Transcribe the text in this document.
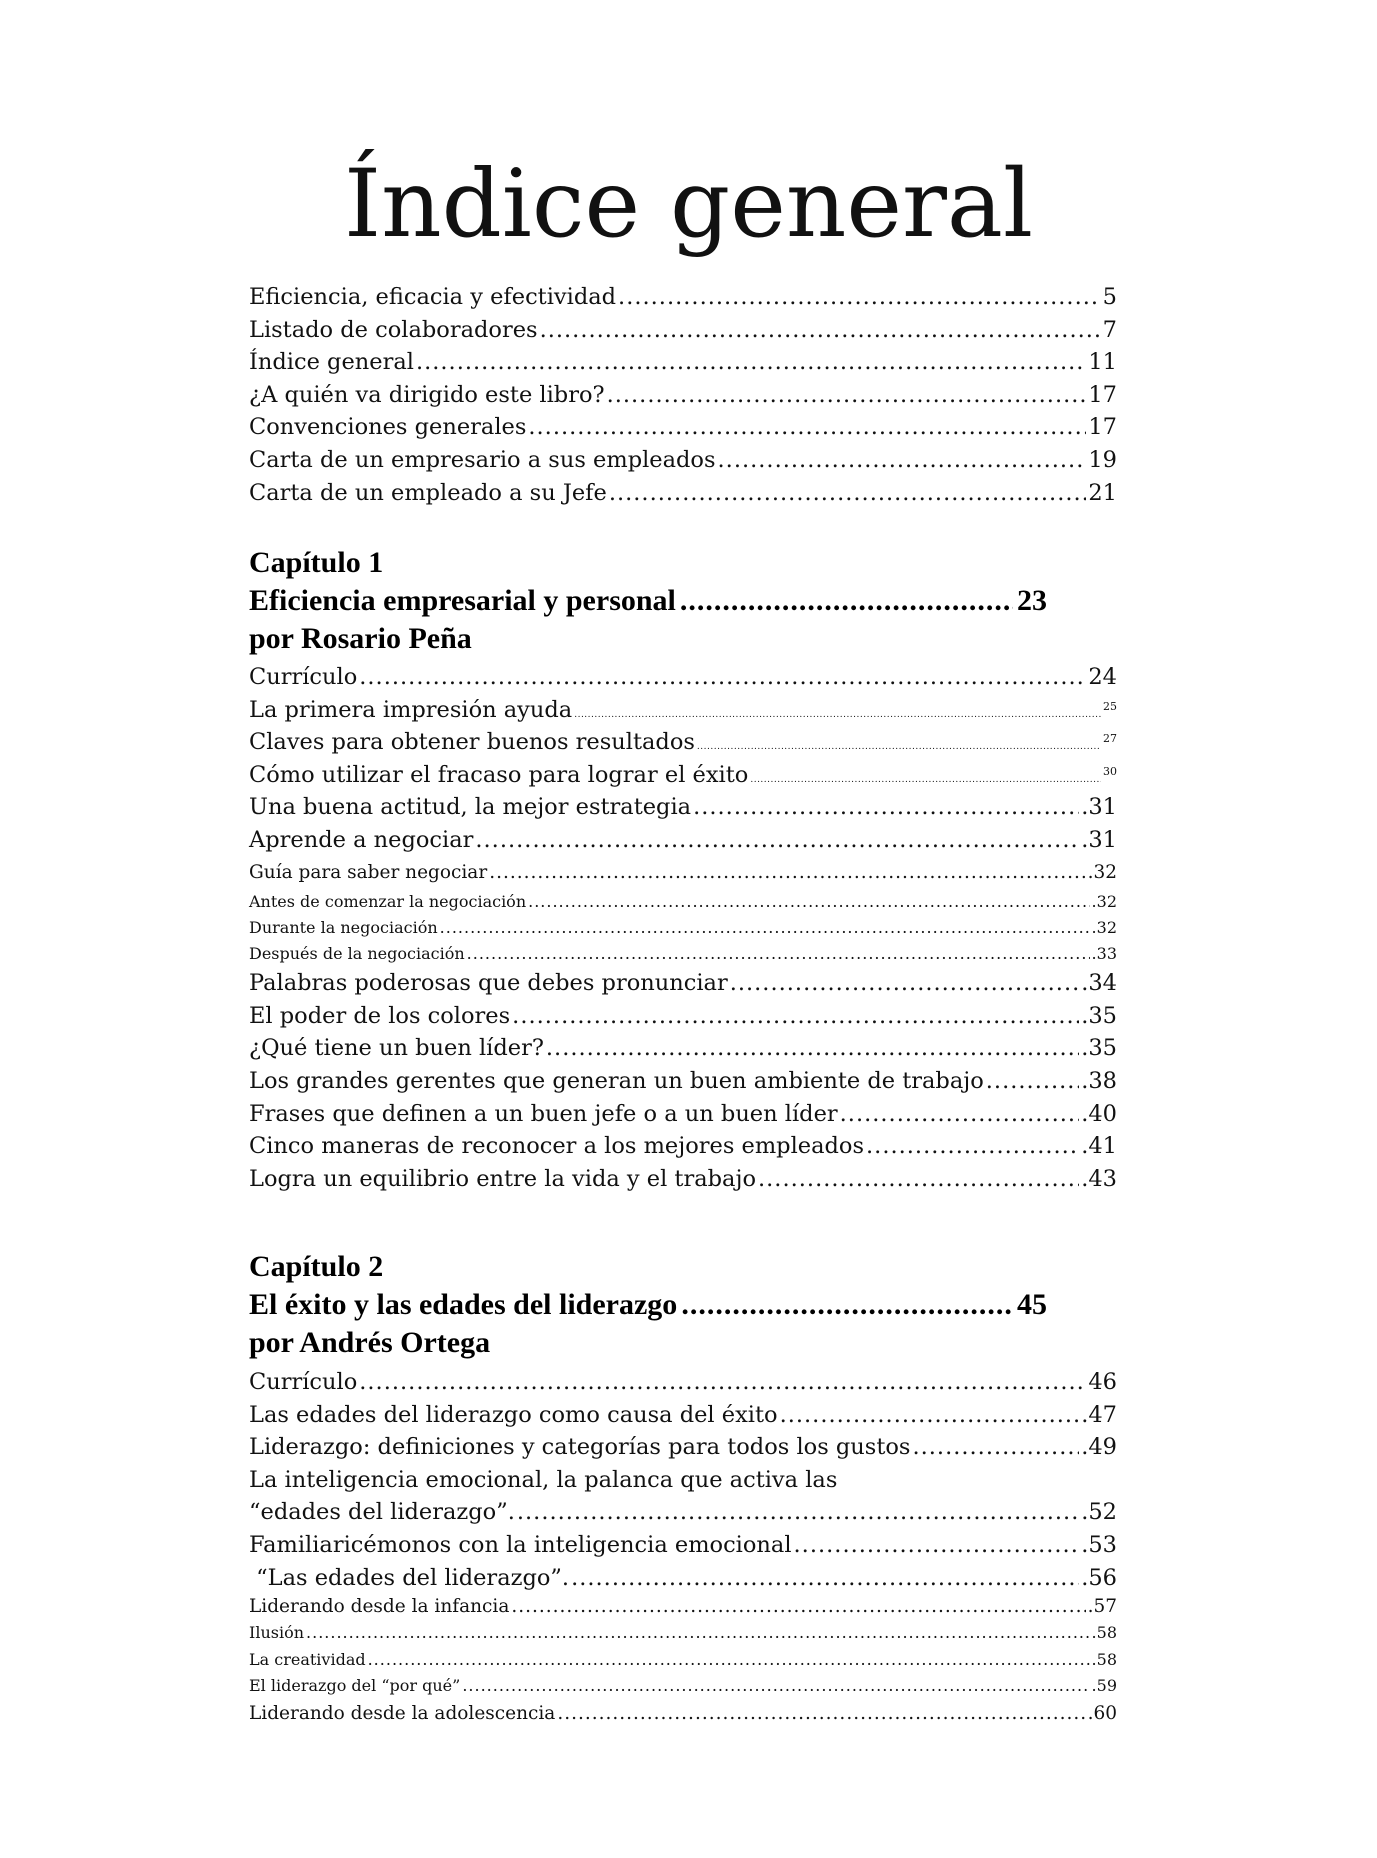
Índice general
Eficiencia, eficacia y efectividad .....	5
Listado de colaboradores .....	7
Índice general .....	11
¿A quién va dirigido este libro? .....	17
Convenciones generales .....	17
Carta de un empresario a sus empleados .....	19
Carta de un empleado a su Jefe .....	21
Capítulo 1
Eficiencia empresarial y personal .....	23
por Rosario Peña
Currículo .....	24
La primera impresión ayuda .....	25
Claves para obtener buenos resultados .....	27
Cómo utilizar el fracaso para lograr el éxito .....	30
Una buena actitud, la mejor estrategia .....	.31
Aprende a negociar .....	.31
Guía para saber negociar .....	.32
Antes de comenzar la negociación .....	.32
Durante la negociación .....	.32
Después de la negociación .....	.33
Palabras poderosas que debes pronunciar .....	.34
El poder de los colores .....	.35
¿Qué tiene un buen líder? .....	.35
Los grandes gerentes que generan un buen ambiente de trabajo .....	.38
Frases que definen a un buen jefe o a un buen líder .....	.40
Cinco maneras de reconocer a los mejores empleados .....	.41
Logra un equilibrio entre la vida y el trabajo .....	.43
Capítulo 2
El éxito y las edades del liderazgo .....	45
por Andrés Ortega
Currículo .....	46
Las edades del liderazgo como causa del éxito .....	.47
Liderazgo: definiciones y categorías para todos los gustos .....	.49
La inteligencia emocional, la palanca que activa las
“edades del liderazgo”. .....	.52
Familiaricémonos con la inteligencia emocional .....	.53
“Las edades del liderazgo”. .....	.56
Liderando desde la infancia .....	.57
Ilusión .....	.58
La creatividad .....	.58
El liderazgo del “por qué” .....	.59
Liderando desde la adolescencia .....	.60
